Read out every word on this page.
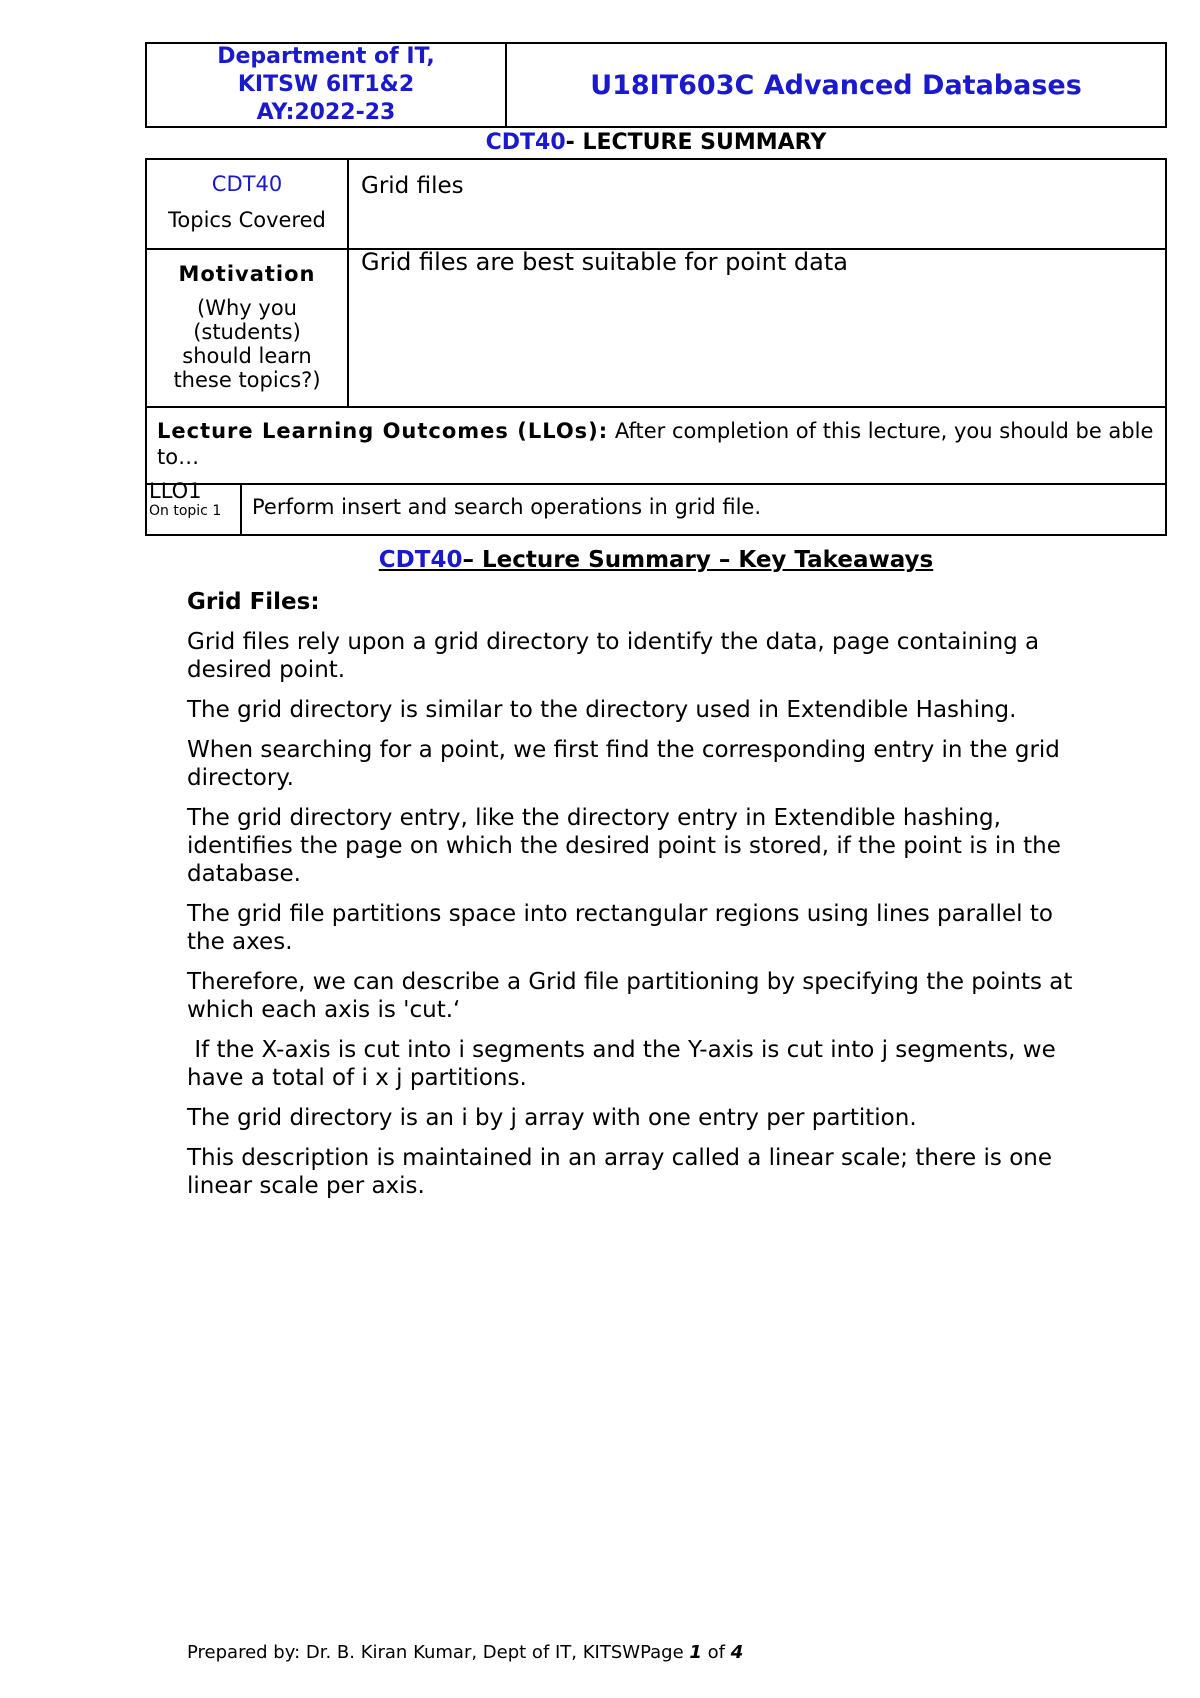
Department of IT,
KITSW 6IT1&2
AY:2022-23
U18IT603C Advanced Databases
CDT40- LECTURE SUMMARY
CDT40
Topics Covered
Grid files
Motivation
(Why you (students) should learn these topics?)
Grid files are best suitable for point data
Lecture Learning Outcomes (LLOs): After completion of this lecture, you should be able to…
LLO1
On topic 1	Perform insert and search operations in grid file.
CDT40– Lecture Summary – Key Takeaways
Grid Files:
Grid files rely upon a grid directory to identify the data, page containing a desired point.
The grid directory is similar to the directory used in Extendible Hashing.
When searching for a point, we first find the corresponding entry in the grid directory.
The grid directory entry, like the directory entry in Extendible hashing, identifies the page on which the desired point is stored, if the point is in the database.
The grid file partitions space into rectangular regions using lines parallel to the axes.
Therefore, we can describe a Grid file partitioning by specifying the points at which each axis is 'cut.‘
If the X-axis is cut into i segments and the Y-axis is cut into j segments, we have a total of i x j partitions.
The grid directory is an i by j array with one entry per partition.
This description is maintained in an array called a linear scale; there is one linear scale per axis.
Prepared by: Dr. B. Kiran Kumar, Dept of IT, KITSWPage 1 of 4
